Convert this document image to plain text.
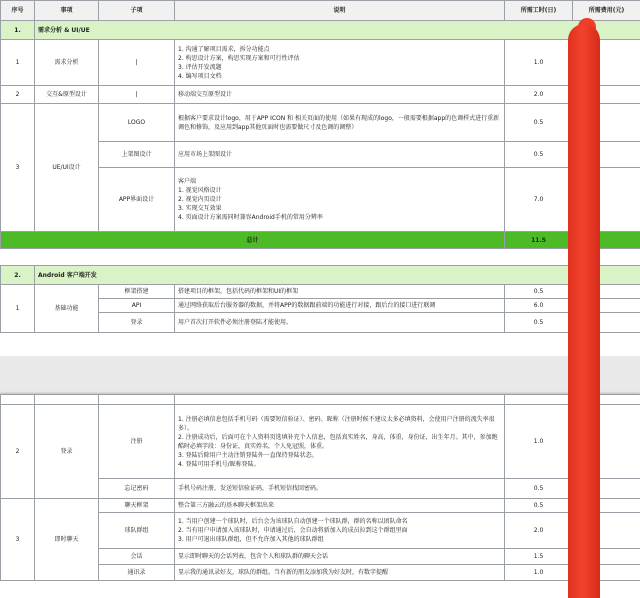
序号	事项	子项	说明	所需工时(日)	所需费用(元)
1.	需求分析 & UI/UE				
1	需求分析	|	1. 沟通了解项目需求，拆分功能点
2. 构思设计方案，构思实现方案和可行性评估
3. 评估开发流题
4. 编写项目文档	1.0	
2	交互&原型设计	|	移动端交互原型设计	2.0	
3	UE/UI设计	LOGO	根据客户要求设计logo，用于APP ICON 和 相关页面的使用（如果有现成的logo，一般需要根据app的色调样式进行重新调色和修饰，及应用到app其他页面时也需要做尺寸及色调的调整）	0.5	
		上架图设计	应用市场上架图设计	0.5	
		APP界面设计	客户端
1. 视觉风格设计
2. 视觉内页设计
3. 实现交互效果
4. 页面设计方案需同时兼容Android手机的常用分辨率	7.0	
总计				11.5	

2.	Android 客户端开发				
1	基础功能	框架搭建	搭建项目的框架，包括代码的框架和UI的框架	0.5	
		API	通过网络获取后台服务器的数据，并将APP的数据跟前端的功能进行对接，跟后台的接口进行联调	6.0	
		登录	用户首次打开软件必须注册登陆才能使用。	0.5	

2	登录	注册	1. 注册必填信息包括手机号码（需要短信验证）、密码、昵称（注册时候不建议太多必填资料，会使用户注册的流失率很多）。
2. 注册成功后，后面可在个人资料页选填补充个人信息，包括真实姓名，身高，体重，身份证，出生年月。其中，参加跑酷时必填字段：身份证，真实姓名，个人免冠照，体重。
3. 登陆后除用户主动注销登陆外一直保持登陆状态。
4. 登陆可用手机号/昵称登陆。	1.0	
		忘记密码	手机号码注册，发送短信验证码，手机短信找回密码。	0.5	
3	即时聊天	聊天框架	整合第三方融云的基本聊天框架出来	0.5	
		球队群组	1. 当用户创建一个球队时，后台会为该球队自动创建一个球队群，群的名称以团队命名
2. 当有用户申请加入该球队时，申请通过后，会自动将新加入的成员拉到这个群组里面
3. 用户可退出球队群组，但不允许加入其他的球队群组	2.0	
		会话	显示即时聊天的会话列表，包含个人和球队群的聊天会话	1.5	
		通讯录	显示我的通讯录好友，球队的群组。当有新的朋友添加我为好友时，有数字提醒	1.0	
